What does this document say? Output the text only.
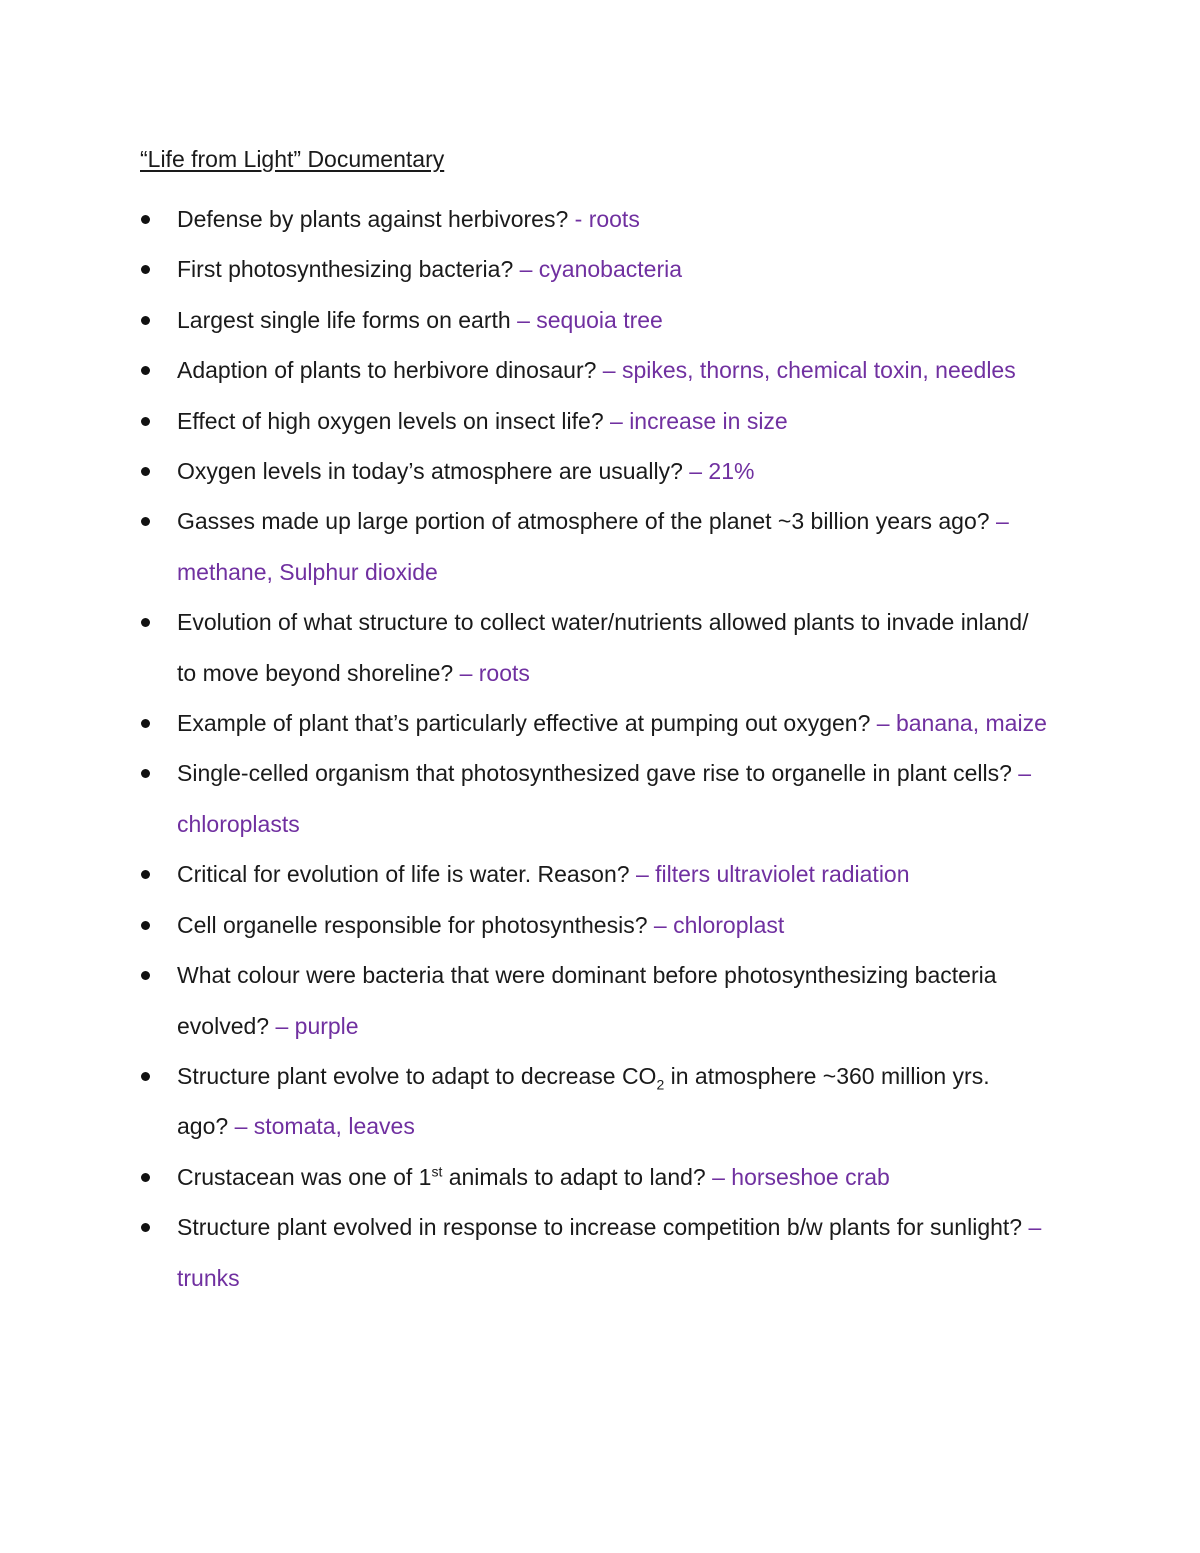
“Life from Light” Documentary
Defense by plants against herbivores? - roots
First photosynthesizing bacteria? – cyanobacteria
Largest single life forms on earth – sequoia tree
Adaption of plants to herbivore dinosaur? – spikes, thorns, chemical toxin, needles
Effect of high oxygen levels on insect life? – increase in size
Oxygen levels in today’s atmosphere are usually? – 21%
Gasses made up large portion of atmosphere of the planet ~3 billion years ago? – methane, Sulphur dioxide
Evolution of what structure to collect water/nutrients allowed plants to invade inland/ to move beyond shoreline? – roots
Example of plant that’s particularly effective at pumping out oxygen? – banana, maize
Single-celled organism that photosynthesized gave rise to organelle in plant cells? – chloroplasts
Critical for evolution of life is water. Reason? – filters ultraviolet radiation
Cell organelle responsible for photosynthesis? – chloroplast
What colour were bacteria that were dominant before photosynthesizing bacteria evolved? – purple
Structure plant evolve to adapt to decrease $CO_2$ in atmosphere ~360 million yrs. ago? – stomata, leaves
Crustacean was one of 1st animals to adapt to land? – horseshoe crab
Structure plant evolved in response to increase competition b/w plants for sunlight? – trunks
